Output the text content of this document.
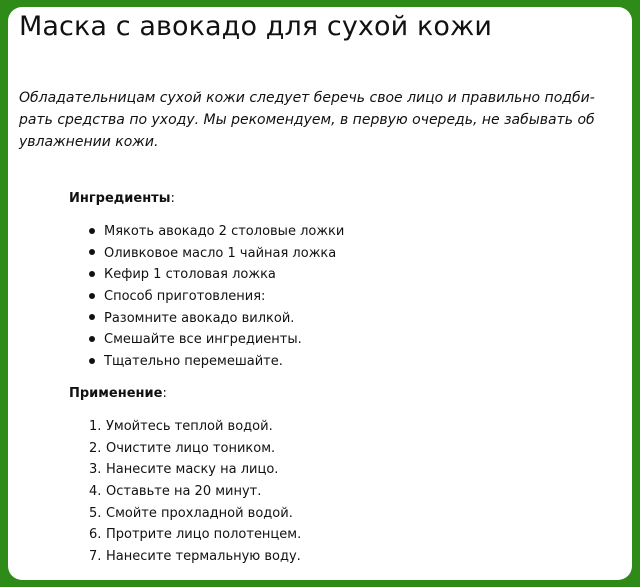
Маска с авокадо для сухой кожи

Обладательницам сухой кожи следует беречь свое лицо и правильно подби-рать средства по уходу. Мы рекомендуем, в первую очередь, не забывать об увлажнении кожи.

Ингредиенты:
Мякоть авокадо 2 столовые ложки
Оливковое масло 1 чайная ложка
Кефир 1 столовая ложка
Способ приготовления:
Разомните авокадо вилкой.
Смешайте все ингредиенты.
Тщательно перемешайте.
Применение:
1. Умойтесь теплой водой.
2. Очистите лицо тоником.
3. Нанесите маску на лицо.
4. Оставьте на 20 минут.
5. Смойте прохладной водой.
6. Протрите лицо полотенцем.
7. Нанесите термальную воду.
